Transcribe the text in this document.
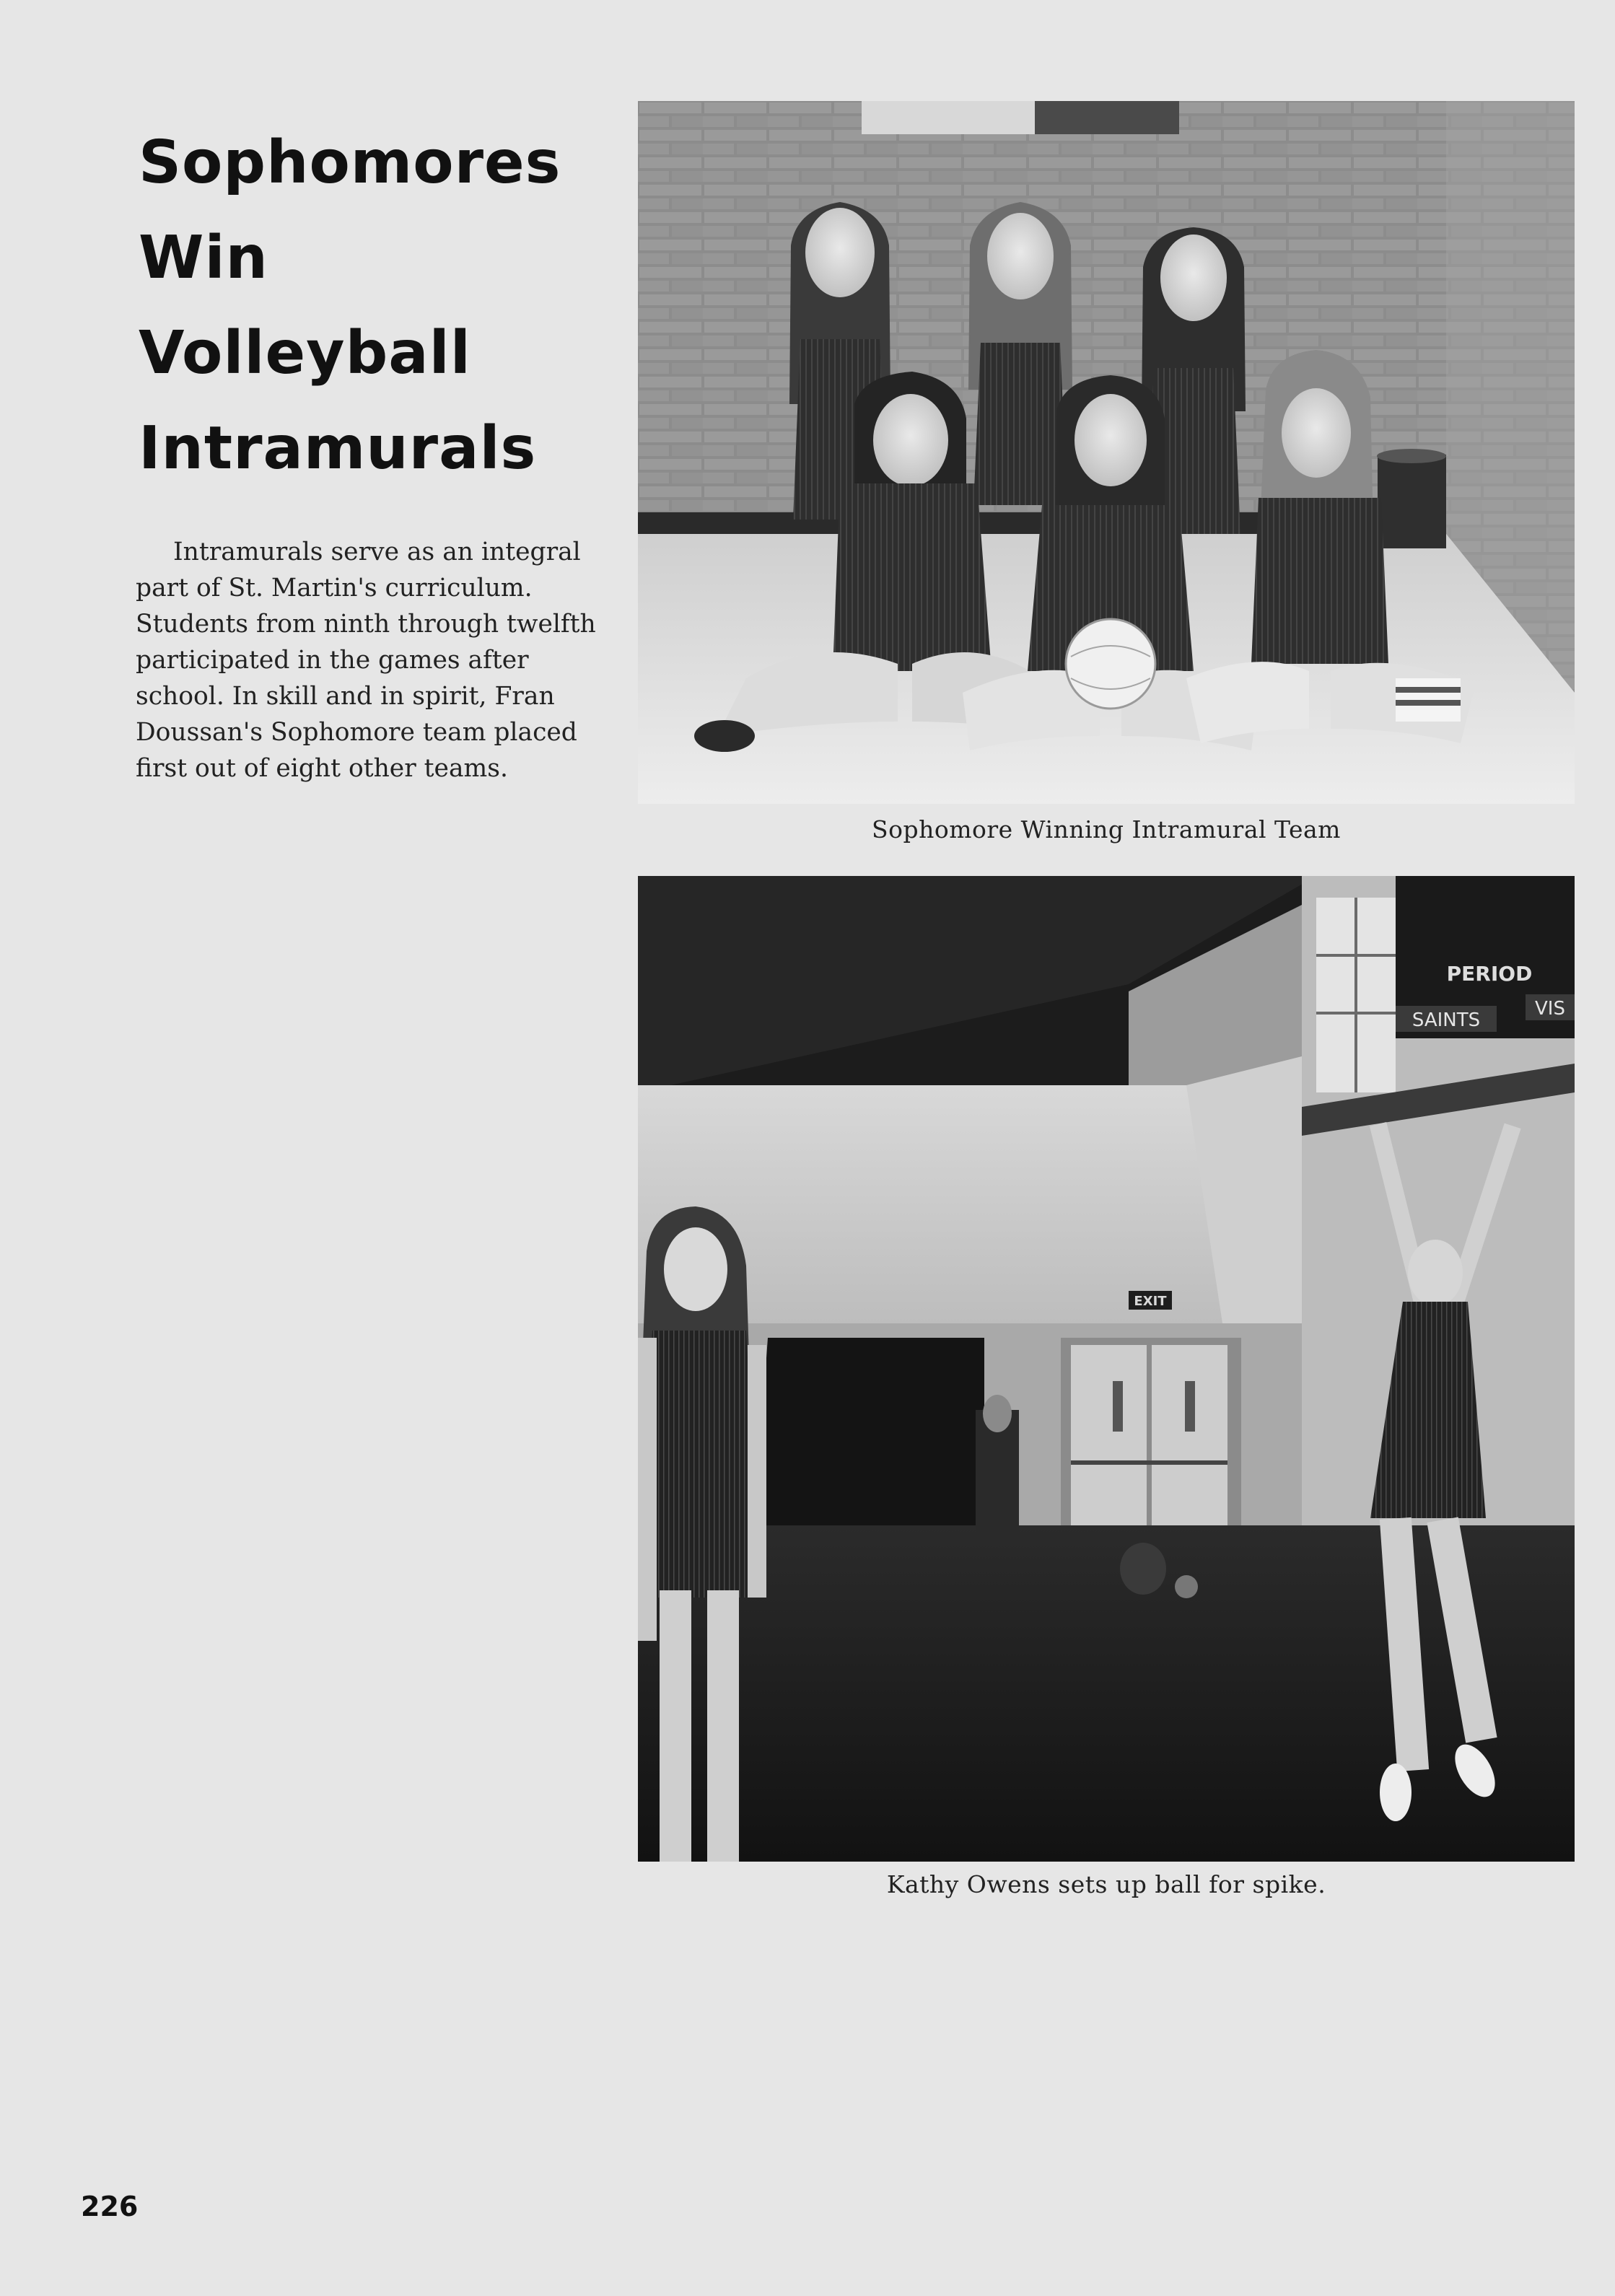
Sophomores
Win
Volleyball
Intramurals

Intramurals serve as an integral
part of St. Martin's curriculum.
Students from ninth through twelfth
participated in the games after
school. In skill and in spirit, Fran
Doussan's Sophomore team placed
first out of eight other teams.

Sophomore Winning Intramural Team
EXIT
PERIOD
SAINTS
VIS
Kathy Owens sets up ball for spike.
226
